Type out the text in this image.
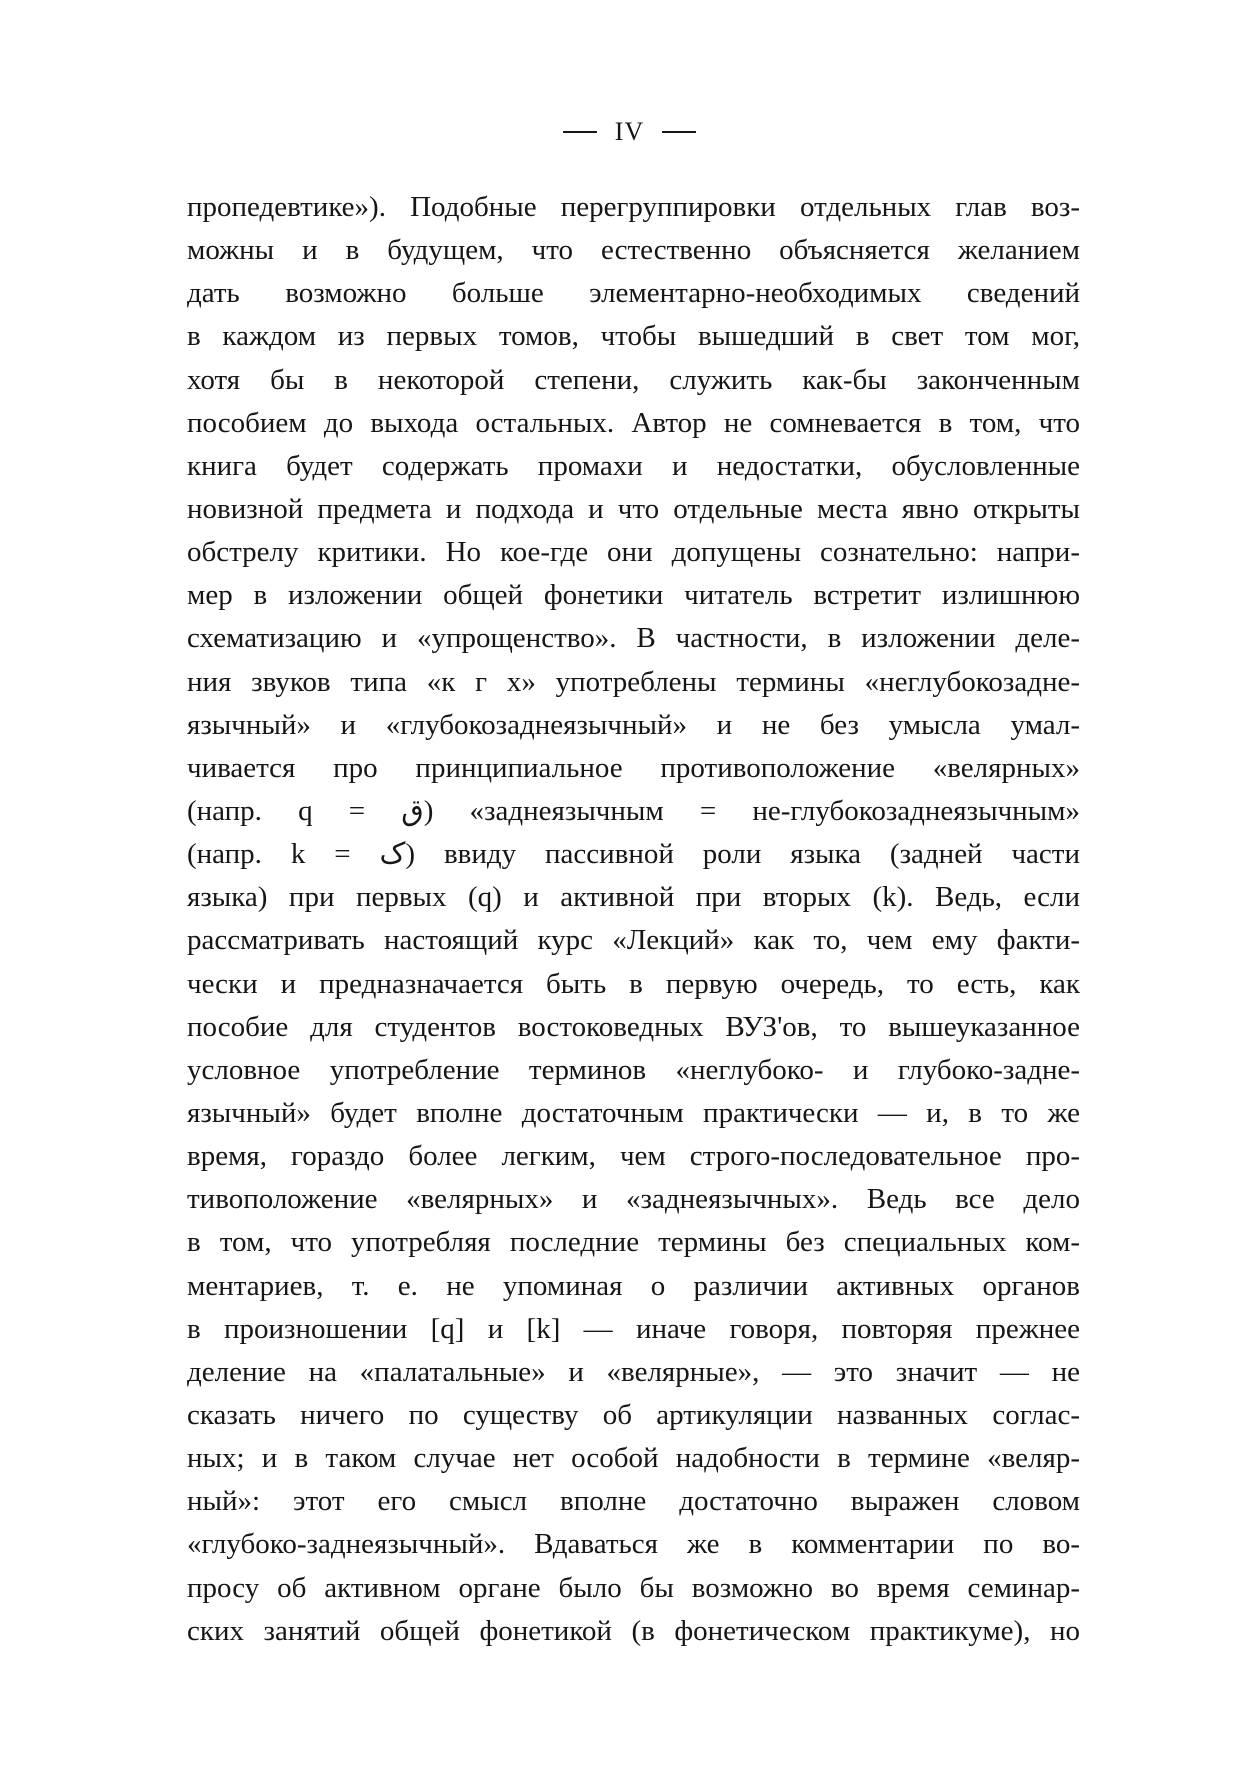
IV
пропедевтике»). Подобные перегруппировки отдельных глав воз-
можны и в будущем, что естественно объясняется желанием
дать возможно больше элементарно-необходимых сведений
в каждом из первых томов, чтобы вышедший в свет том мог,
хотя бы в некоторой степени, служить как-бы законченным
пособием до выхода остальных. Автор не сомневается в том, что
книга будет содержать промахи и недостатки, обусловленные
новизной предмета и подхода и что отдельные места явно открыты
обстрелу критики. Но кое-где они допущены сознательно: напри-
мер в изложении общей фонетики читатель встретит излишнюю
схематизацию и «упрощенство». В частности, в изложении деле-
ния звуков типа «к г х» употреблены термины «неглубокозадне-
язычный» и «глубокозаднеязычный» и не без умысла умал-
чивается про принципиальное противоположение «велярных»
(напр. q = ق) «заднеязычным = не-глубокозаднеязычным»
(напр. k = ک) ввиду пассивной роли языка (задней части
языка) при первых (q) и активной при вторых (k). Ведь, если
рассматривать настоящий курс «Лекций» как то, чем ему факти-
чески и предназначается быть в первую очередь, то есть, как
пособие для студентов востоковедных ВУЗ'ов, то вышеуказанное
условное употребление терминов «неглубоко- и глубоко-задне-
язычный» будет вполне достаточным практически — и, в то же
время, гораздо более легким, чем строго-последовательное про-
тивоположение «велярных» и «заднеязычных». Ведь все дело
в том, что употребляя последние термины без специальных ком-
ментариев, т. е. не упоминая о различии активных органов
в произношении [q] и [k] — иначе говоря, повторяя прежнее
деление на «палатальные» и «велярные», — это значит — не
сказать ничего по существу об артикуляции названных соглас-
ных; и в таком случае нет особой надобности в термине «веляр-
ный»: этот его смысл вполне достаточно выражен словом
«глубоко-заднеязычный». Вдаваться же в комментарии по во-
просу об активном органе было бы возможно во время семинар-
ских занятий общей фонетикой (в фонетическом практикуме), но
